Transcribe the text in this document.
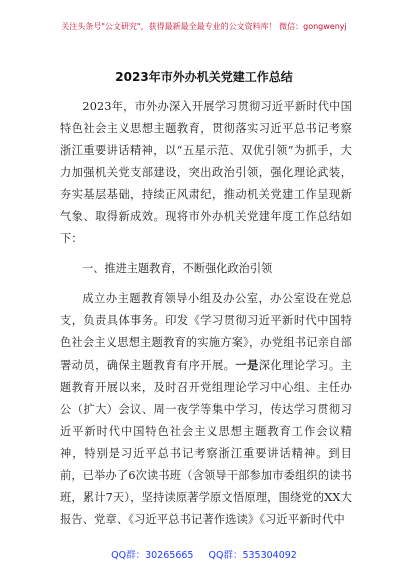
关注头条号"公文研究"，获得最新最全最专业的公文资料库！ 微信：gongwenyj
2023年市外办机关党建工作总结

2023年，市外办深入开展学习贯彻习近平新时代中国特色社会主义思想主题教育，贯彻落实习近平总书记考察浙江重要讲话精神，以“五星示范、双优引领”为抓手，大力加强机关党支部建设，突出政治引领，强化理论武装，夯实基层基础，持续正风肃纪，推动机关党建工作呈现新气象、取得新成效。现将市外办机关党建年度工作总结如下：

一、推进主题教育，不断强化政治引领

成立办主题教育领导小组及办公室，办公室设在党总支，负责具体事务。印发《学习贯彻习近平新时代中国特色社会主义思想主题教育的实施方案》，办党组书记亲自部署动员，确保主题教育有序开展。一是深化理论学习。主题教育开展以来，及时召开党组理论学习中心组、主任办公（扩大）会议、周一夜学等集中学习，传达学习贯彻习近平新时代中国特色社会主义思想主题教育工作会议精神，特别是习近平总书记考察浙江重要讲话精神。到目前，已举办了6次读书班（含领导干部参加市委组织的读书班，累计7天），坚持读原著学原文悟原理，围绕党的XX大报告、党章、《习近平总书记著作选读》《习近平新时代中

QQ群：30265665 QQ群：535304092
